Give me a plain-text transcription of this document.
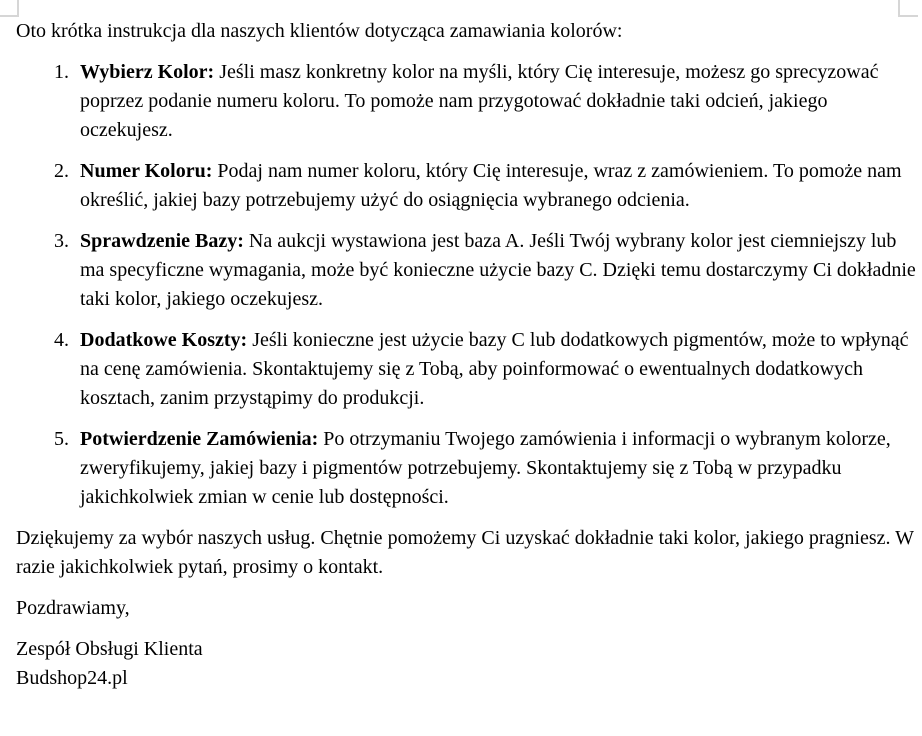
Oto krótka instrukcja dla naszych klientów dotycząca zamawiania kolorów:

1. Wybierz Kolor: Jeśli masz konkretny kolor na myśli, który Cię interesuje, możesz go sprecyzować poprzez podanie numeru koloru. To pomoże nam przygotować dokładnie taki odcień, jakiego oczekujesz.
2. Numer Koloru: Podaj nam numer koloru, który Cię interesuje, wraz z zamówieniem. To pomoże nam określić, jakiej bazy potrzebujemy użyć do osiągnięcia wybranego odcienia.
3. Sprawdzenie Bazy: Na aukcji wystawiona jest baza A. Jeśli Twój wybrany kolor jest ciemniejszy lub ma specyficzne wymagania, może być konieczne użycie bazy C. Dzięki temu dostarczymy Ci dokładnie taki kolor, jakiego oczekujesz.
4. Dodatkowe Koszty: Jeśli konieczne jest użycie bazy C lub dodatkowych pigmentów, może to wpłynąć na cenę zamówienia. Skontaktujemy się z Tobą, aby poinformować o ewentualnych dodatkowych kosztach, zanim przystąpimy do produkcji.
5. Potwierdzenie Zamówienia: Po otrzymaniu Twojego zamówienia i informacji o wybranym kolorze, zweryfikujemy, jakiej bazy i pigmentów potrzebujemy. Skontaktujemy się z Tobą w przypadku jakichkolwiek zmian w cenie lub dostępności.

Dziękujemy za wybór naszych usług. Chętnie pomożemy Ci uzyskać dokładnie taki kolor, jakiego pragniesz. W razie jakichkolwiek pytań, prosimy o kontakt.

Pozdrawiamy,

Zespół Obsługi Klienta
Budshop24.pl
